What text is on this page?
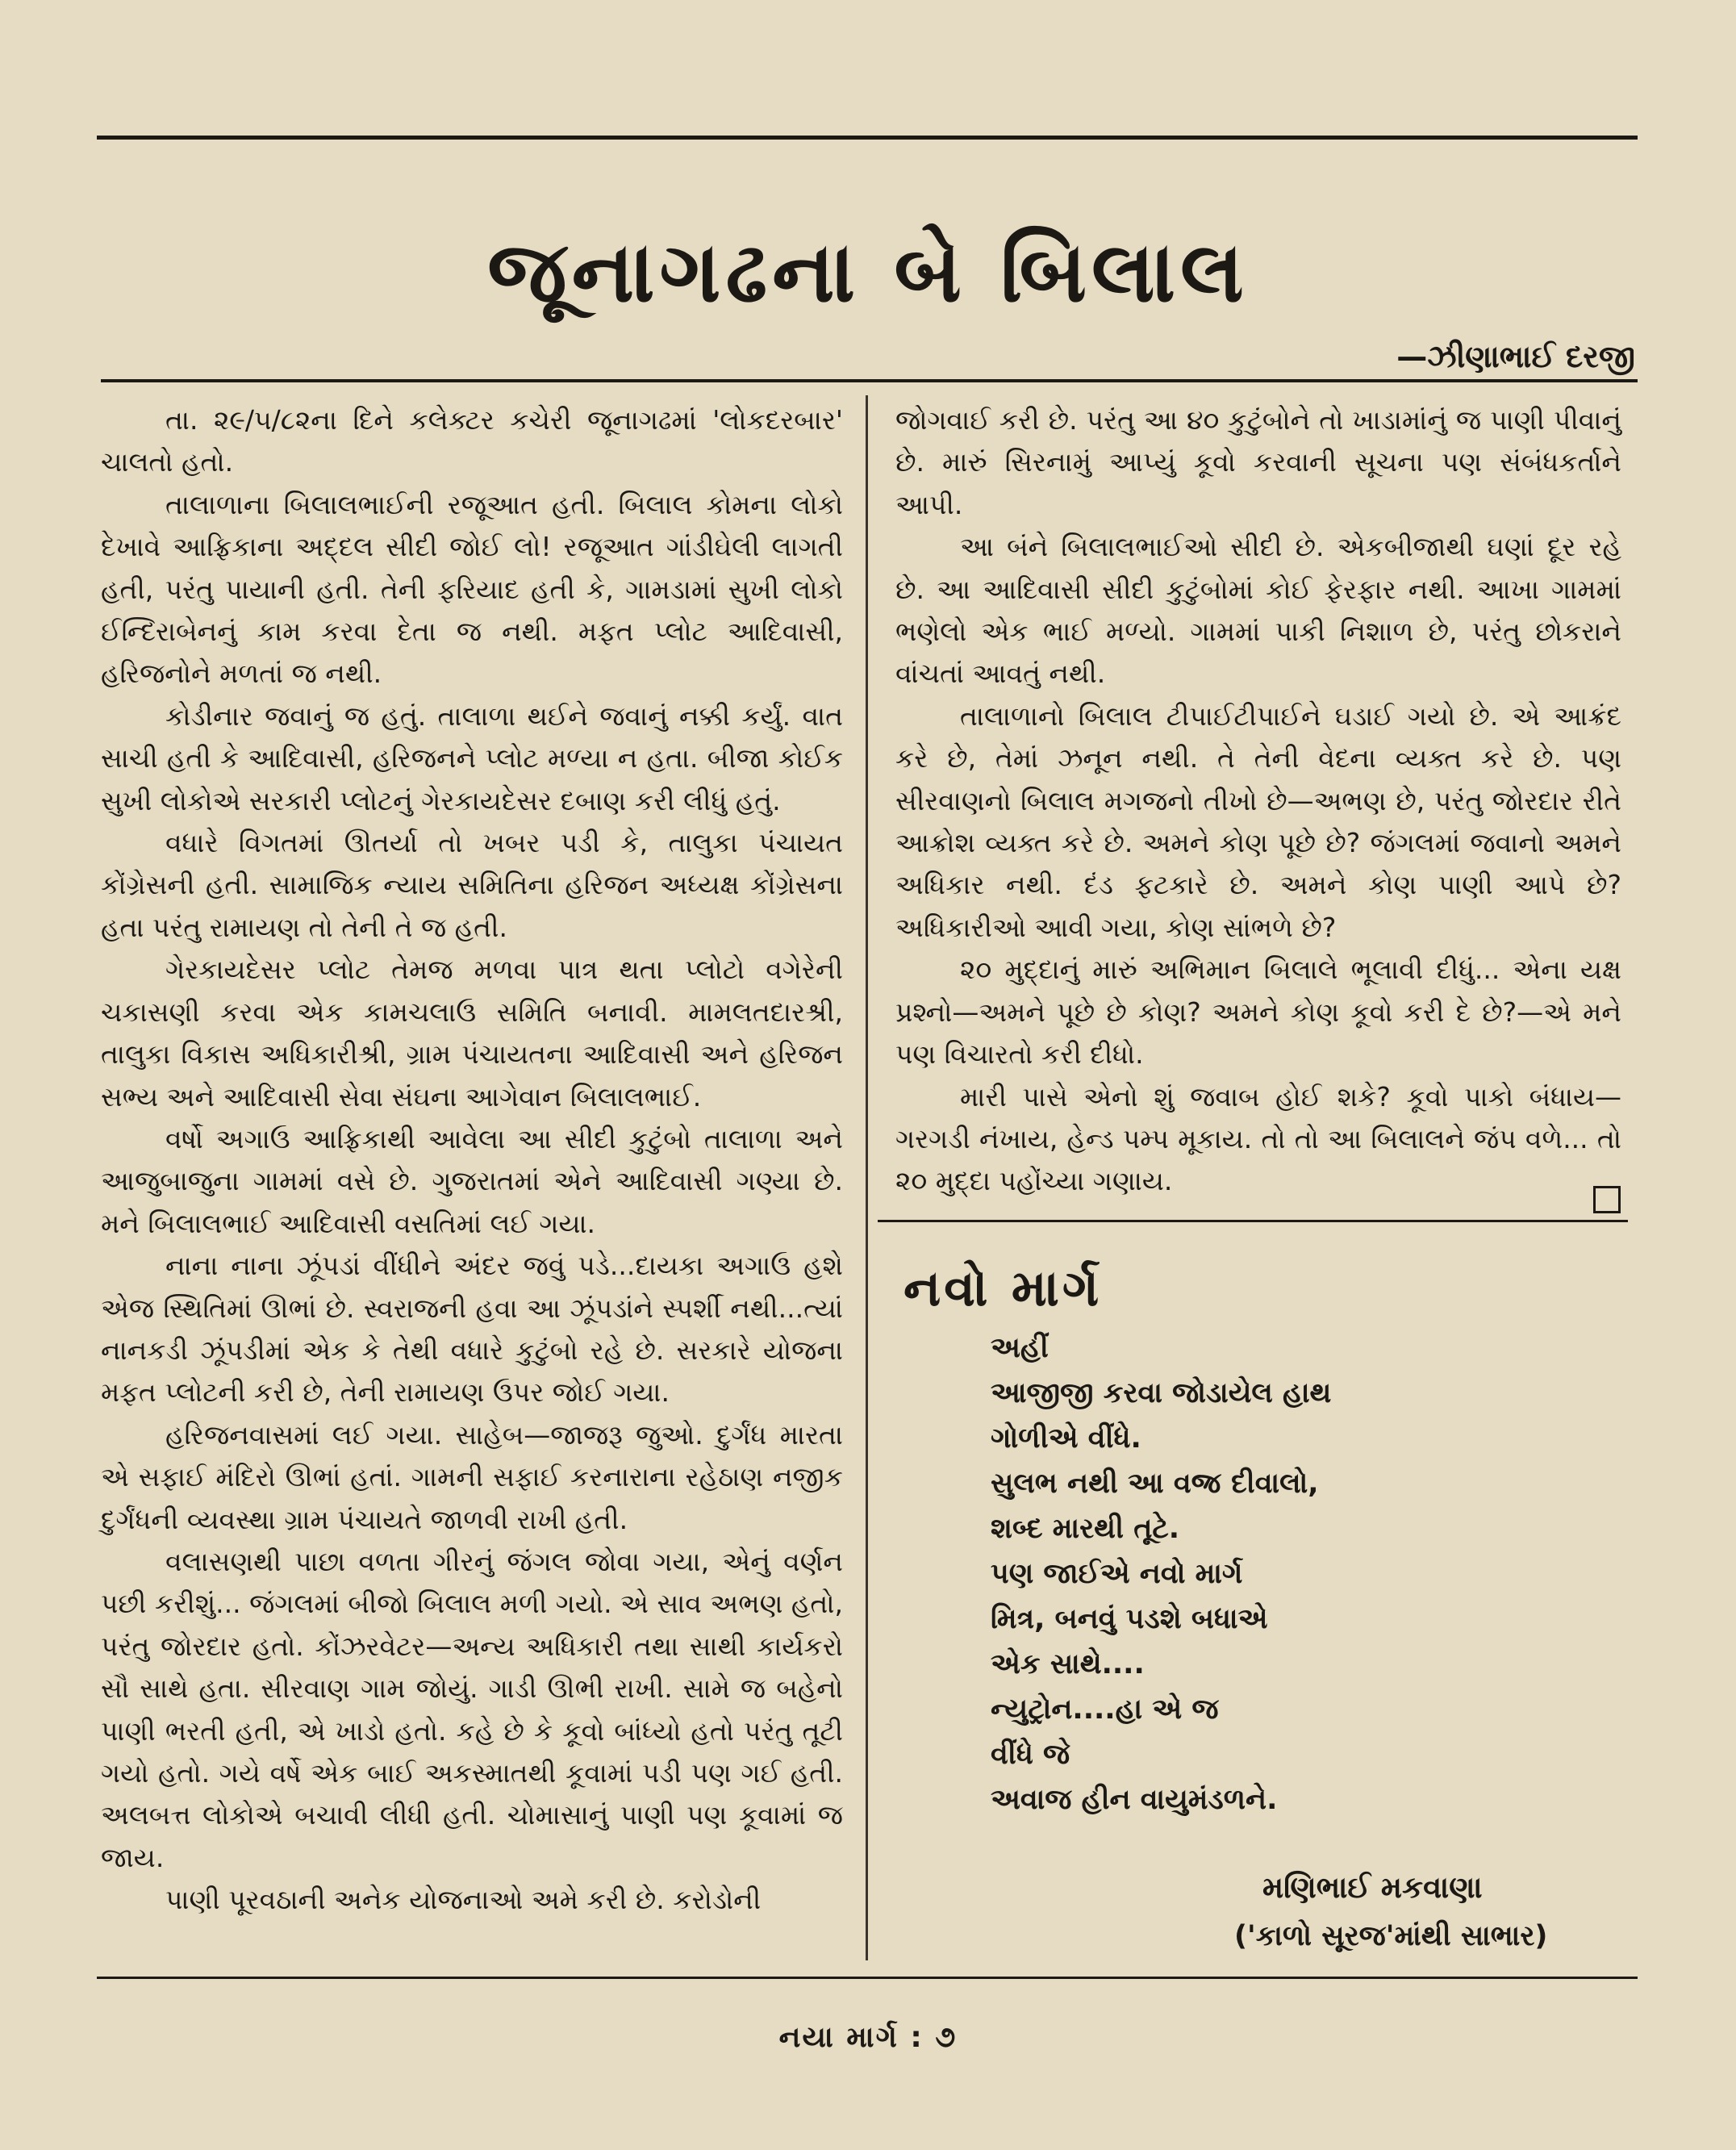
જૂનાગઢના બે બિલાલ
—ઝીણાભાઈ દરજી

તા. ૨૯/૫/૮૨ના દિને કલેક્ટર કચેરી જૂનાગઢમાં 'લોકદરબાર' ચાલતો હતો.

તાલાળાના બિલાલભાઈની રજૂઆત હતી. બિલાલ કોમના લોકો દેખાવે આફ્રિકાના અદ્દલ સીદી જોઈ લો! રજૂઆત ગાંડીઘેલી લાગતી હતી, પરંતુ પાયાની હતી. તેની ફરિયાદ હતી કે, ગામડામાં સુખી લોકો ઈન્દિરાબેનનું કામ કરવા દેતા જ નથી. મફત પ્લોટ આદિવાસી, હરિજનોને મળતાં જ નથી.

કોડીનાર જવાનું જ હતું. તાલાળા થઈને જવાનું નક્કી કર્યું. વાત સાચી હતી કે આદિવાસી, હરિજનને પ્લોટ મળ્યા ન હતા. બીજા કોઈક સુખી લોકોએ સરકારી પ્લોટનું ગેરકાયદેસર દબાણ કરી લીધું હતું.

વધારે વિગતમાં ઊતર્યા તો ખબર પડી કે, તાલુકા પંચાયત કોંગ્રેસની હતી. સામાજિક ન્યાય સમિતિના હરિજન અધ્યક્ષ કોંગ્રેસના હતા પરંતુ રામાયણ તો તેની તે જ હતી.

ગેરકાયદેસર પ્લોટ તેમજ મળવા પાત્ર થતા પ્લોટો વગેરેની ચકાસણી કરવા એક કામચલાઉ સમિતિ બનાવી. મામલતદારશ્રી, તાલુકા વિકાસ અધિકારીશ્રી, ગ્રામ પંચાયતના આદિવાસી અને હરિજન સભ્ય અને આદિવાસી સેવા સંઘના આગેવાન બિલાલભાઈ.

વર્ષો અગાઉ આફ્રિકાથી આવેલા આ સીદી કુટુંબો તાલાળા અને આજુબાજુના ગામમાં વસે છે. ગુજરાતમાં એને આદિવાસી ગણ્યા છે. મને બિલાલભાઈ આદિવાસી વસતિમાં લઈ ગયા.

નાના નાના ઝૂંપડાં વીંધીને અંદર જવું પડે...દાયકા અગાઉ હશે એજ સ્થિતિમાં ઊભાં છે. સ્વરાજની હવા આ ઝૂંપડાંને સ્પર્શી નથી...ત્યાં નાનકડી ઝૂંપડીમાં એક કે તેથી વધારે કુટુંબો રહે છે. સરકારે યોજના મફત પ્લોટની કરી છે, તેની રામાયણ ઉપર જોઈ ગયા.

હરિજનવાસમાં લઈ ગયા. સાહેબ—જાજરૂ જુઓ. દુર્ગંધ મારતા એ સફાઈ મંદિરો ઊભાં હતાં. ગામની સફાઈ કરનારાના રહેઠાણ નજીક દુર્ગંધની વ્યવસ્થા ગ્રામ પંચાયતે જાળવી રાખી હતી.

વલાસણથી પાછા વળતા ગીરનું જંગલ જોવા ગયા, એનું વર્ણન પછી કરીશું... જંગલમાં બીજો બિલાલ મળી ગયો. એ સાવ અભણ હતો, પરંતુ જોરદાર હતો. કોંઝરવેટર—અન્ય અધિકારી તથા સાથી કાર્યકરો સૌ સાથે હતા. સીરવાણ ગામ જોયું. ગાડી ઊભી રાખી. સામે જ બહેનો પાણી ભરતી હતી, એ ખાડો હતો. કહે છે કે કૂવો બાંધ્યો હતો પરંતુ તૂટી ગયો હતો. ગયે વર્ષે એક બાઈ અકસ્માતથી કૂવામાં પડી પણ ગઈ હતી. અલબત્ત લોકોએ બચાવી લીધી હતી. ચોમાસાનું પાણી પણ કૂવામાં જ જાય.

પાણી પૂરવઠાની અનેક યોજનાઓ અમે કરી છે. કરોડોની

જોગવાઈ કરી છે. પરંતુ આ ૪૦ કુટુંબોને તો ખાડામાંનું જ પાણી પીવાનું છે. મારું સિરનામું આપ્યું કૂવો કરવાની સૂચના પણ સંબંધકર્તાને આપી.

આ બંને બિલાલભાઈઓ સીદી છે. એકબીજાથી ઘણાં દૂર રહે છે. આ આદિવાસી સીદી કુટુંબોમાં કોઈ ફેરફાર નથી. આખા ગામમાં ભણેલો એક ભાઈ મળ્યો. ગામમાં પાકી નિશાળ છે, પરંતુ છોકરાને વાંચતાં આવતું નથી.

તાલાળાનો બિલાલ ટીપાઈટીપાઈને ઘડાઈ ગયો છે. એ આક્રંદ કરે છે, તેમાં ઝનૂન નથી. તે તેની વેદના વ્યક્ત કરે છે. પણ સીરવાણનો બિલાલ મગજનો તીખો છે—અભણ છે, પરંતુ જોરદાર રીતે આક્રોશ વ્યક્ત કરે છે. અમને કોણ પૂછે છે? જંગલમાં જવાનો અમને અધિકાર નથી. દંડ ફટકારે છે. અમને કોણ પાણી આપે છે? અધિકારીઓ આવી ગયા, કોણ સાંભળે છે?

૨૦ મુદ્દાનું મારું અભિમાન બિલાલે ભૂલાવી દીધું... એના યક્ષ પ્રશ્નો—અમને પૂછે છે કોણ? અમને કોણ કૂવો કરી દે છે?—એ મને પણ વિચારતો કરી દીધો.

મારી પાસે એનો શું જવાબ હોઈ શકે? કૂવો પાકો બંધાય—ગરગડી નંખાય, હેન્ડ પમ્પ મૂકાય. તો તો આ બિલાલને જંપ વળે... તો ૨૦ મુદ્દા પહોંચ્યા ગણાય.

નવો માર્ગ
અહીં
આજીજી કરવા જોડાયેલ હાથ
ગોળીએ વીંધે.
સુલભ નથી આ વજ્ર દીવાલો,
શબ્દ મારથી તૂટે.
પણ જાઈએ નવો માર્ગ
મિત્ર, બનવું પડશે બધાએ
એક સાથે....
ન્યુટ્રોન....હા એ જ
વીંધે જે
અવાજ હીન વાયુમંડળને.
મણિભાઈ મકવાણા
('કાળો સૂરજ'માંથી સાભાર)
નયા માર્ગ : ૭
